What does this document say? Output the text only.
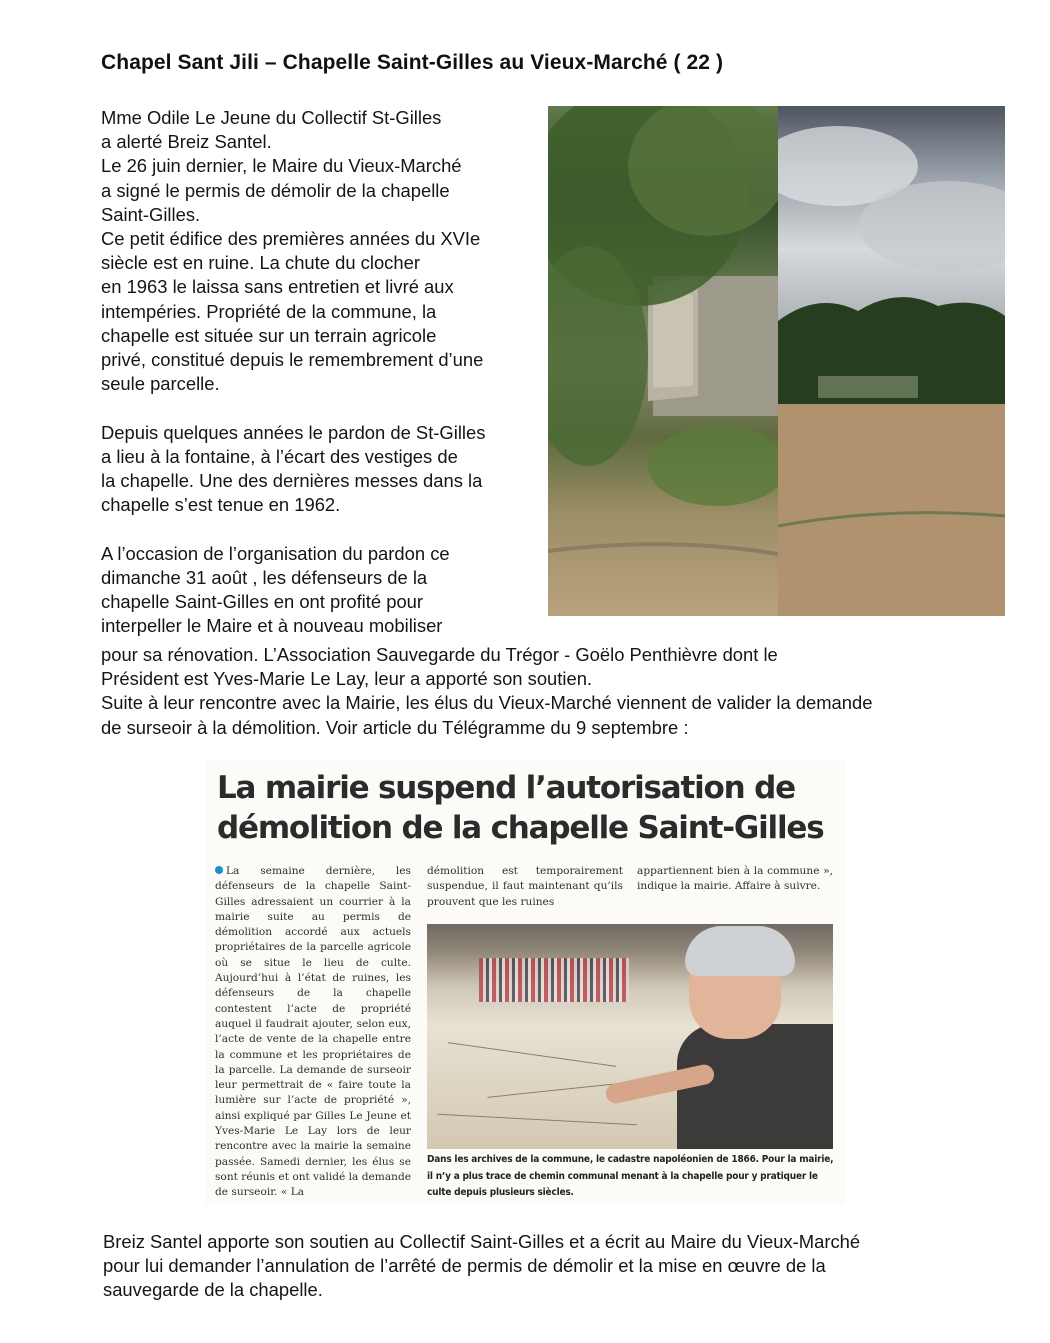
Chapel Sant Jili – Chapelle Saint-Gilles au Vieux-Marché ( 22 )
Mme Odile Le Jeune du Collectif St-Gilles
a alerté Breiz Santel.
Le 26 juin dernier, le Maire du Vieux-Marché
a signé le permis de démolir de la chapelle
Saint-Gilles.
Ce petit édifice des premières années du XVIe
siècle est en ruine. La chute du clocher
en 1963 le laissa sans entretien et livré aux
intempéries. Propriété de la commune, la
chapelle est située sur un terrain agricole
privé, constitué depuis le remembrement d’une
seule parcelle.
Depuis quelques années le pardon de St-Gilles
a lieu à la fontaine, à l’écart des vestiges de
la chapelle. Une des dernières messes dans la
chapelle s’est tenue en 1962.
A l’occasion de l’organisation du pardon ce
dimanche 31 août , les défenseurs de la
chapelle Saint-Gilles en ont profité pour
interpeller le Maire et à nouveau mobiliser
pour sa rénovation. L’Association Sauvegarde du Trégor - Goëlo Penthièvre dont le
Président est Yves-Marie Le Lay, leur a apporté son soutien.
Suite à leur rencontre avec la Mairie, les élus du Vieux-Marché viennent de valider la demande
de surseoir à la démolition. Voir article du Télégramme du 9 septembre :
La mairie suspend l’autorisation de
démolition de la chapelle Saint-Gilles
La semaine dernière, les défenseurs de la chapelle Saint-Gilles adressaient un courrier à la mairie suite au permis de démolition accordé aux actuels propriétaires de la parcelle agricole où se situe le lieu de culte. Aujourd’hui à l’état de ruines, les défenseurs de la chapelle contestent l’acte de propriété auquel il faudrait ajouter, selon eux, l’acte de vente de la chapelle entre la commune et les propriétaires de la parcelle. La demande de surseoir leur permettrait de « faire toute la lumière sur l’acte de propriété », ainsi expliqué par Gilles Le Jeune et Yves-Marie Le Lay lors de leur rencontre avec la mairie la semaine passée. Samedi dernier, les élus se sont réunis et ont validé la demande de surseoir. « La
démolition est temporairement suspendue, il faut maintenant qu’ils prouvent que les ruines
appartiennent bien à la commune », indique la mairie. Affaire à suivre.
Dans les archives de la commune, le cadastre napoléonien de 1866. Pour la mairie, il n’y a plus trace de chemin communal menant à la chapelle pour y pratiquer le culte depuis plusieurs siècles.
Breiz Santel apporte son soutien au Collectif Saint-Gilles et a écrit au Maire du Vieux-Marché
pour lui demander l’annulation de l’arrêté de permis de démolir et la mise en œuvre de la
sauvegarde de la chapelle.
